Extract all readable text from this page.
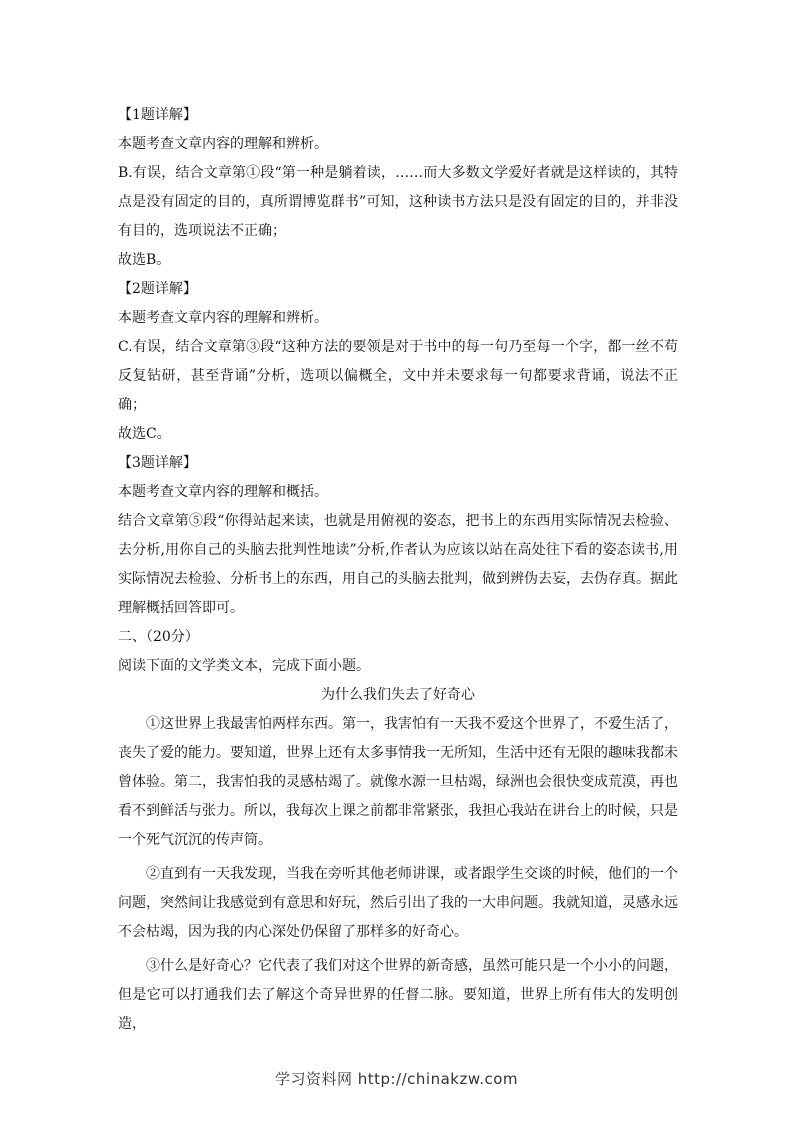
【1题详解】
本题考查文章内容的理解和辨析。
B.有误，结合文章第①段“第一种是躺着读，……而大多数文学爱好者就是这样读的，其特点是没有固定的目的，真所谓博览群书”可知，这种读书方法只是没有固定的目的，并非没有目的，选项说法不正确；
故选B。
【2题详解】
本题考查文章内容的理解和辨析。
C.有误，结合文章第③段“这种方法的要领是对于书中的每一句乃至每一个字，都一丝不苟反复钻研，甚至背诵”分析，选项以偏概全，文中并未要求每一句都要求背诵，说法不正确；
故选C。
【3题详解】
本题考查文章内容的理解和概括。
结合文章第⑤段“你得站起来读，也就是用俯视的姿态，把书上的东西用实际情况去检验、去分析,用你自己的头脑去批判性地读”分析,作者认为应该以站在高处往下看的姿态读书,用实际情况去检验、分析书上的东西，用自己的头脑去批判，做到辨伪去妄，去伪存真。据此理解概括回答即可。
二、（20分）
阅读下面的文学类文本，完成下面小题。
为什么我们失去了好奇心
①这世界上我最害怕两样东西。第一，我害怕有一天我不爱这个世界了，不爱生活了，丧失了爱的能力。要知道，世界上还有太多事情我一无所知，生活中还有无限的趣味我都未曾体验。第二，我害怕我的灵感枯竭了。就像水源一旦枯竭，绿洲也会很快变成荒漠，再也看不到鲜活与张力。所以，我每次上课之前都非常紧张，我担心我站在讲台上的时候，只是一个死气沉沉的传声筒。
②直到有一天我发现，当我在旁听其他老师讲课，或者跟学生交谈的时候，他们的一个问题，突然间让我感觉到有意思和好玩，然后引出了我的一大串问题。我就知道，灵感永远不会枯竭，因为我的内心深处仍保留了那样多的好奇心。
③什么是好奇心？它代表了我们对这个世界的新奇感，虽然可能只是一个小小的问题，但是它可以打通我们去了解这个奇异世界的任督二脉。要知道，世界上所有伟大的发明创造，
学习资料网 http://chinakzw.com
